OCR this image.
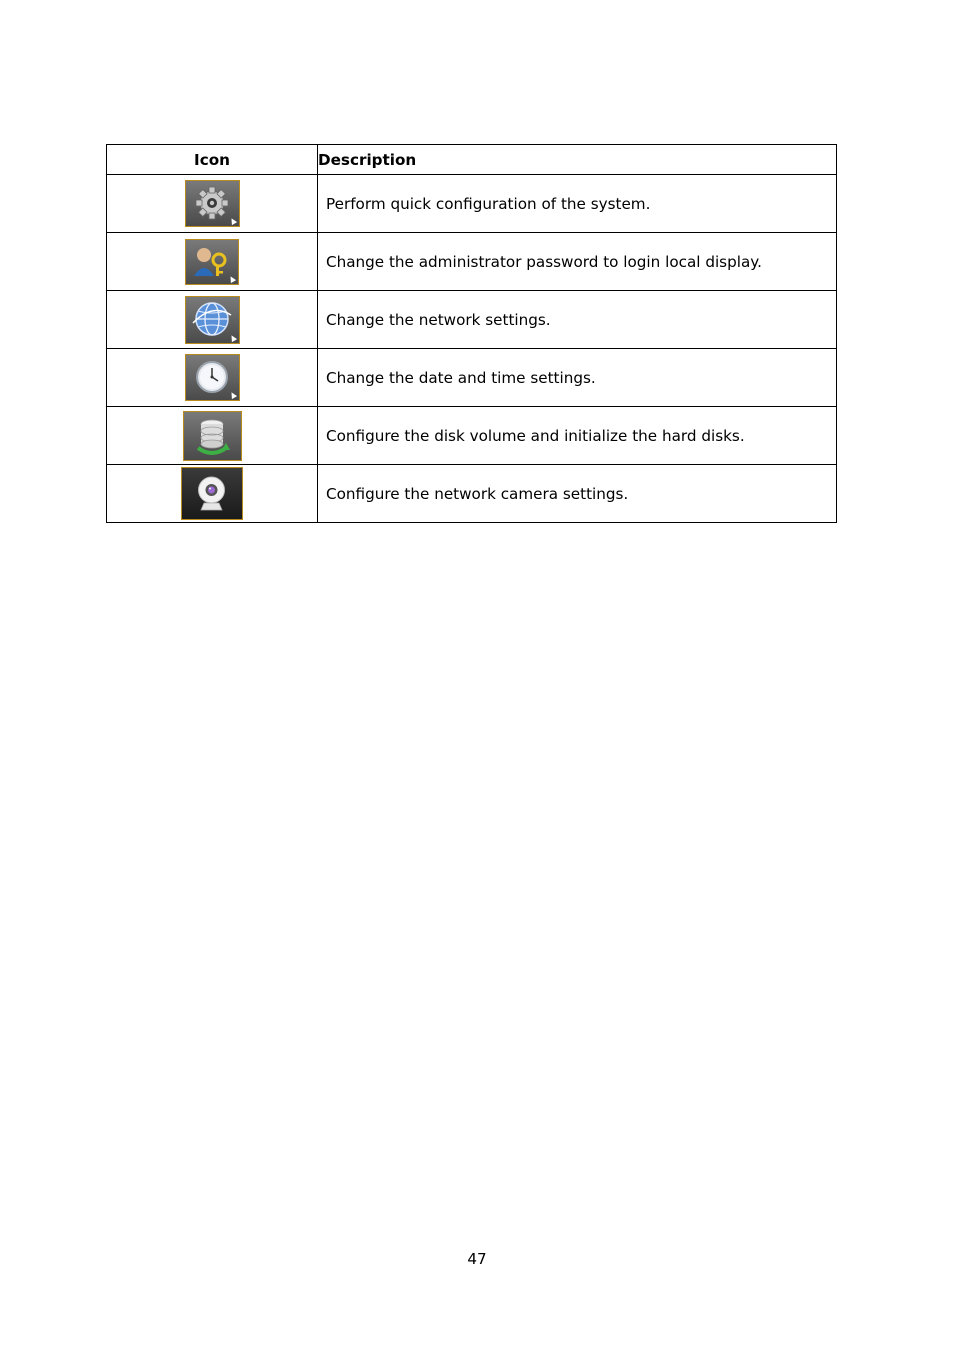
Icon	Description

	Perform quick configuration of the system.

	Change the administrator password to login local display.

	Change the network settings.

	Change the date and time settings.

	Configure the disk volume and initialize the hard disks.

	Configure the network camera settings.
47
